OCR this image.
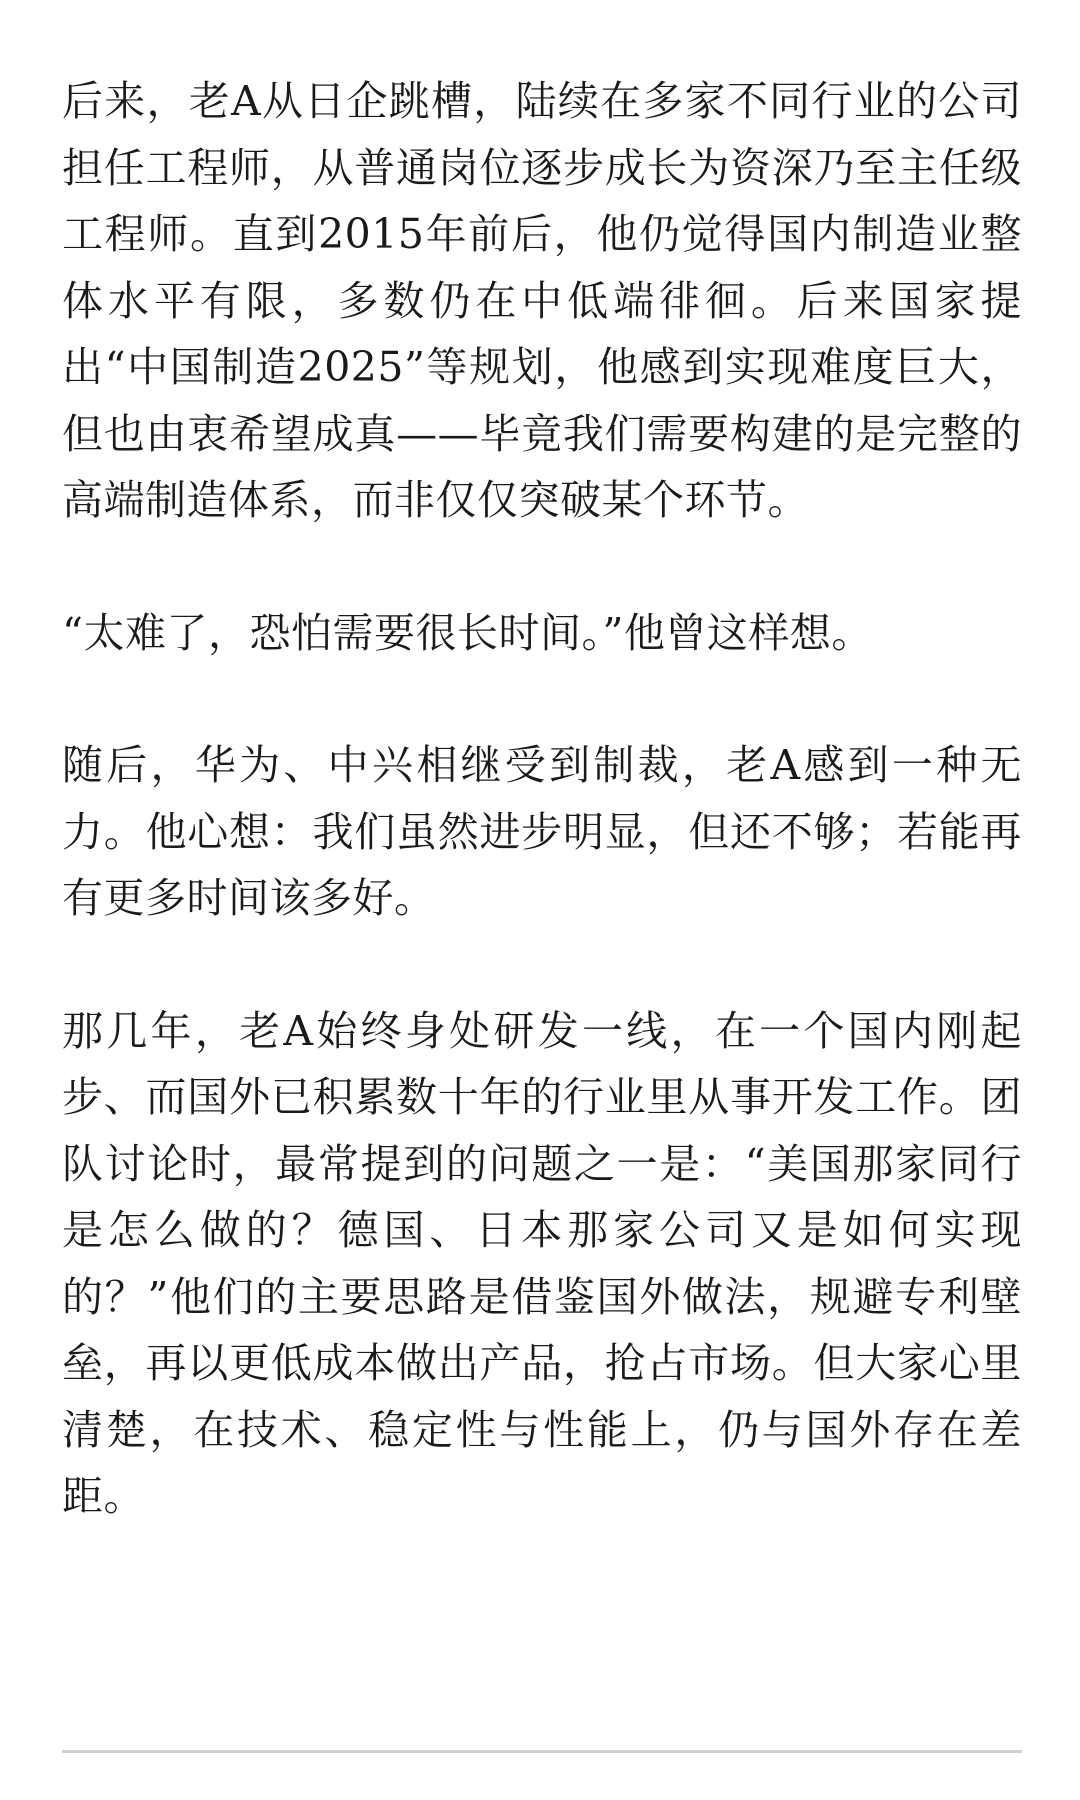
后来，老A从日企跳槽，陆续在多家不同行业的公司担任工程师，从普通岗位逐步成长为资深乃至主任级工程师。直到2015年前后，他仍觉得国内制造业整体水平有限，多数仍在中低端徘徊。后来国家提出“中国制造2025”等规划，他感到实现难度巨大，但也由衷希望成真——毕竟我们需要构建的是完整的高端制造体系，而非仅仅突破某个环节。

“太难了，恐怕需要很长时间。”他曾这样想。

随后，华为、中兴相继受到制裁，老A感到一种无力。他心想：我们虽然进步明显，但还不够；若能再有更多时间该多好。

那几年，老A始终身处研发一线，在一个国内刚起步、而国外已积累数十年的行业里从事开发工作。团队讨论时，最常提到的问题之一是：“美国那家同行是怎么做的？德国、日本那家公司又是如何实现的？”他们的主要思路是借鉴国外做法，规避专利壁垒，再以更低成本做出产品，抢占市场。但大家心里清楚，在技术、稳定性与性能上，仍与国外存在差距。
